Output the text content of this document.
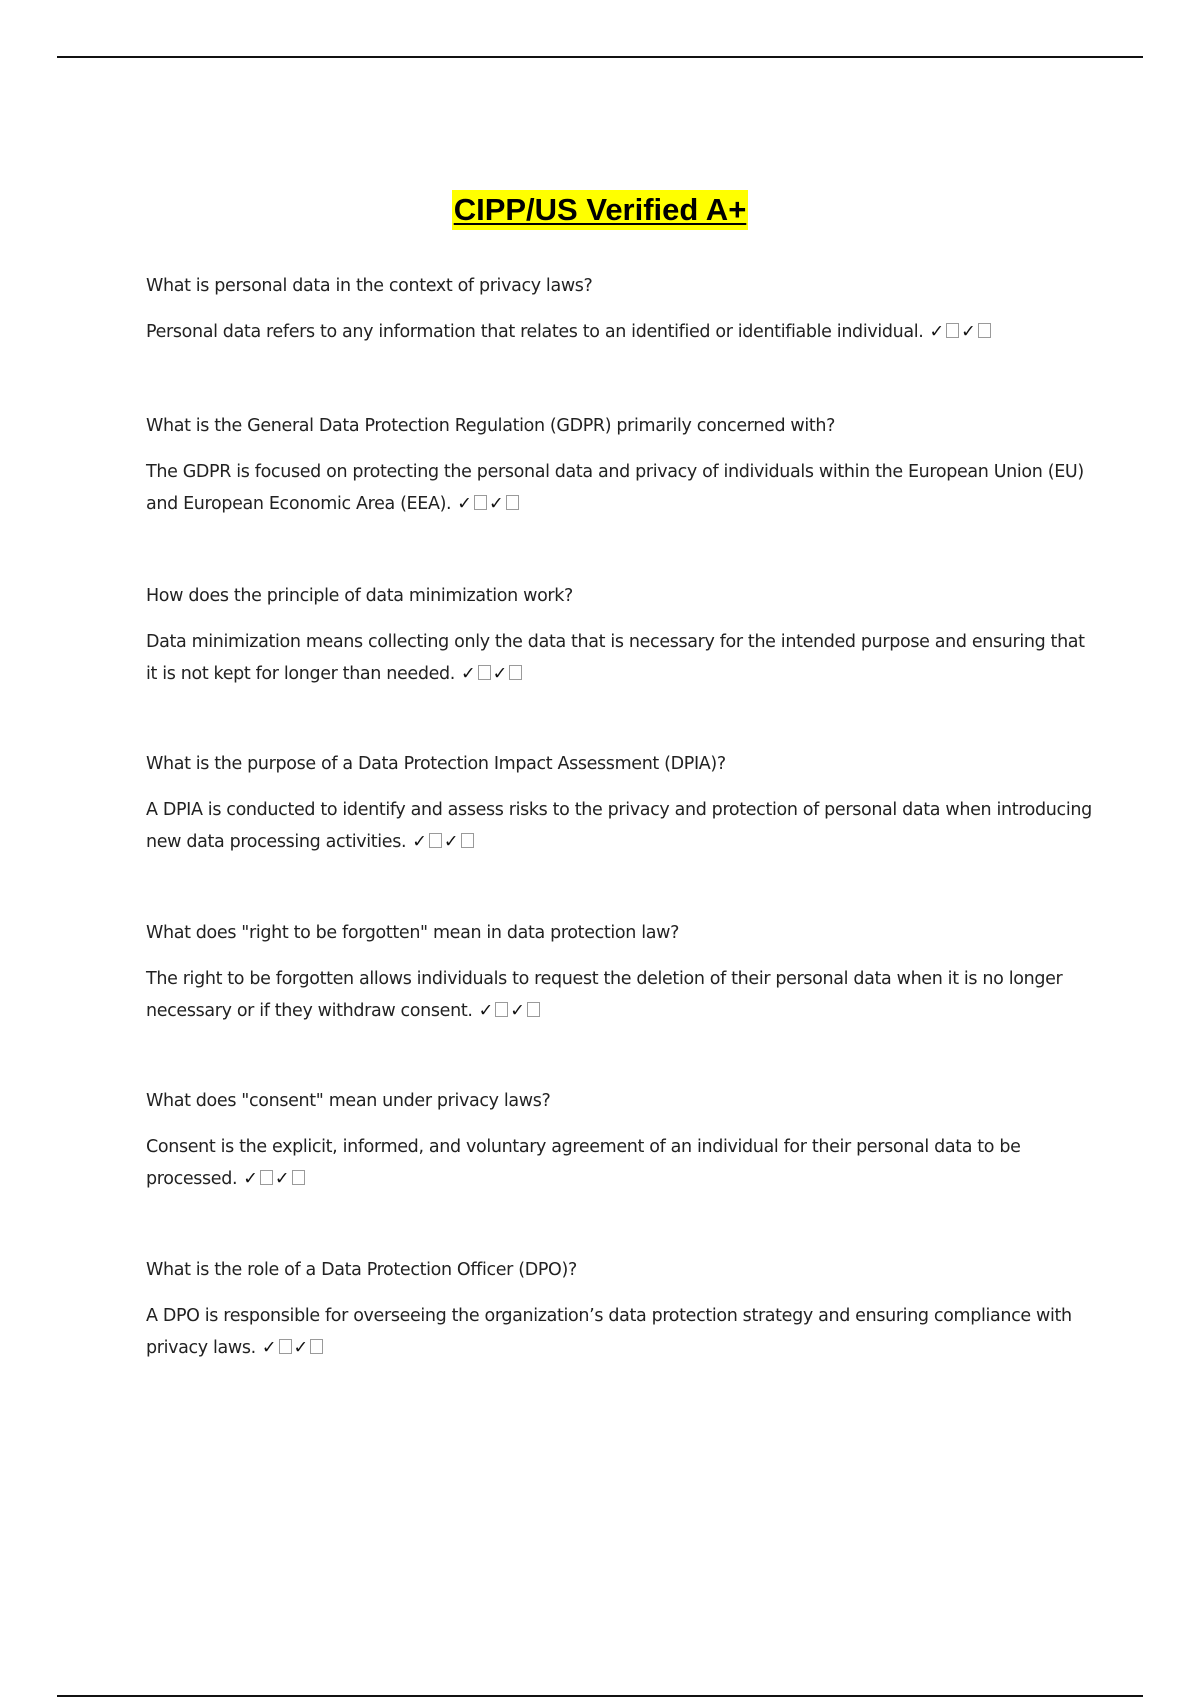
CIPP/US Verified A+

What is personal data in the context of privacy laws?

Personal data refers to any information that relates to an identified or identifiable individual. ✓ ✓

What is the General Data Protection Regulation (GDPR) primarily concerned with?

The GDPR is focused on protecting the personal data and privacy of individuals within the European Union (EU) and European Economic Area (EEA). ✓ ✓

How does the principle of data minimization work?

Data minimization means collecting only the data that is necessary for the intended purpose and ensuring that it is not kept for longer than needed. ✓ ✓

What is the purpose of a Data Protection Impact Assessment (DPIA)?

A DPIA is conducted to identify and assess risks to the privacy and protection of personal data when introducing new data processing activities. ✓ ✓

What does "right to be forgotten" mean in data protection law?

The right to be forgotten allows individuals to request the deletion of their personal data when it is no longer necessary or if they withdraw consent. ✓ ✓

What does "consent" mean under privacy laws?

Consent is the explicit, informed, and voluntary agreement of an individual for their personal data to be processed. ✓ ✓

What is the role of a Data Protection Officer (DPO)?

A DPO is responsible for overseeing the organization’s data protection strategy and ensuring compliance with privacy laws. ✓ ✓
